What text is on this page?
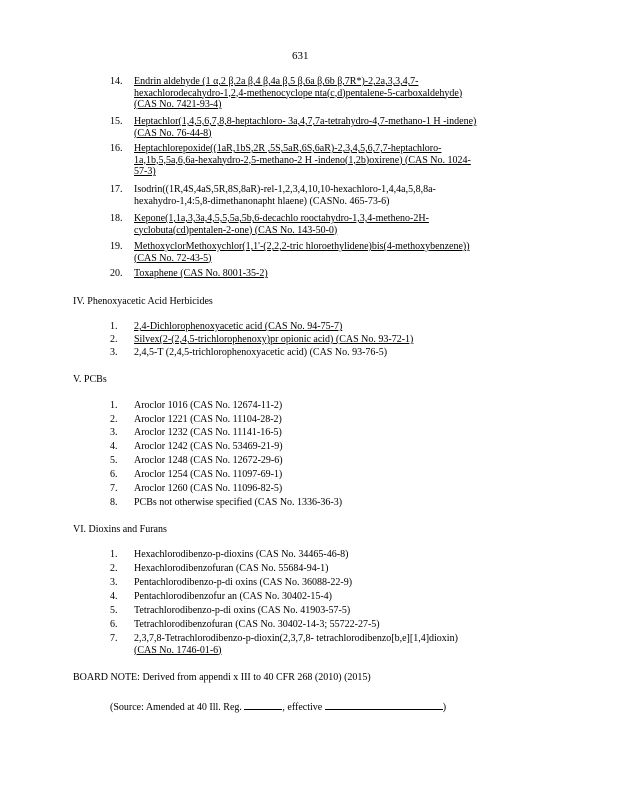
631
14. Endrin aldehyde (1 α,2 β,2a β,4 β,4a β,5 β,6a β,6b β,7R*)-2,2a,3,3,4,7-
hexachlorodecahydro-1,2,4-methenocyclope nta(c,d)pentalene-5-carboxaldehyde)
(CAS No. 7421-93-4)
15. Heptachlor(1,4,5,6,7,8,8-heptachloro- 3a,4,7,7a-tetrahydro-4,7-methano-1 H -indene)
(CAS No. 76-44-8)
16. Heptachlorepoxide((1aR,1bS,2R ,5S,5aR,6S,6aR)-2,3,4,5,6,7,7-heptachloro-
1a,1b,5,5a,6,6a-hexahydro-2,5-methano-2 H -indeno(1,2b)oxirene) (CAS No. 1024-
57-3)
17. Isodrin((1R,4S,4aS,5R,8S,8aR)-rel-1,2,3,4,10,10-hexachloro-1,4,4a,5,8,8a-
hexahydro-1,4:5,8-dimethanonapht hlaene) (CASNo. 465-73-6)
18. Kepone(1,1a,3,3a,4,5,5,5a,5b,6-decachlo rooctahydro-1,3,4-metheno-2H-
cyclobuta(cd)pentalen-2-one) (CAS No. 143-50-0)
19. MethoxyclorMethoxychlor(1,1'-(2,2,2-tric hloroethylidene)bis(4-methoxybenzene))
(CAS No. 72-43-5)
20. Toxaphene (CAS No. 8001-35-2)
IV. Phenoxyacetic Acid Herbicides
1. 2,4-Dichlorophenoxyacetic acid (CAS No. 94-75-7)
2. Silvex(2-(2,4,5-trichlorophenoxy)pr opionic acid) (CAS No. 93-72-1)
3. 2,4,5-T (2,4,5-trichlorophenoxyacetic acid) (CAS No. 93-76-5)
V. PCBs
1. Aroclor 1016 (CAS No. 12674-11-2)
2. Aroclor 1221 (CAS No. 11104-28-2)
3. Aroclor 1232 (CAS No. 11141-16-5)
4. Aroclor 1242 (CAS No. 53469-21-9)
5. Aroclor 1248 (CAS No. 12672-29-6)
6. Aroclor 1254 (CAS No. 11097-69-1)
7. Aroclor 1260 (CAS No. 11096-82-5)
8. PCBs not otherwise specified (CAS No. 1336-36-3)
VI. Dioxins and Furans
1. Hexachlorodibenzo-p-dioxins (CAS No. 34465-46-8)
2. Hexachlorodibenzofuran (CAS No. 55684-94-1)
3. Pentachlorodibenzo-p-di oxins (CAS No. 36088-22-9)
4. Pentachlorodibenzofur an (CAS No. 30402-15-4)
5. Tetrachlorodibenzo-p-di oxins (CAS No. 41903-57-5)
6. Tetrachlorodibenzofuran (CAS No. 30402-14-3; 55722-27-5)
7. 2,3,7,8-Tetrachlorodibenzo-p-dioxin(2,3,7,8- tetrachlorodibenzo[b,e][1,4]dioxin)
(CAS No. 1746-01-6)
BOARD NOTE: Derived from appendi x III to 40 CFR 268 (2010) (2015)
(Source: Amended at 40 Ill. Reg.	, effective	)
